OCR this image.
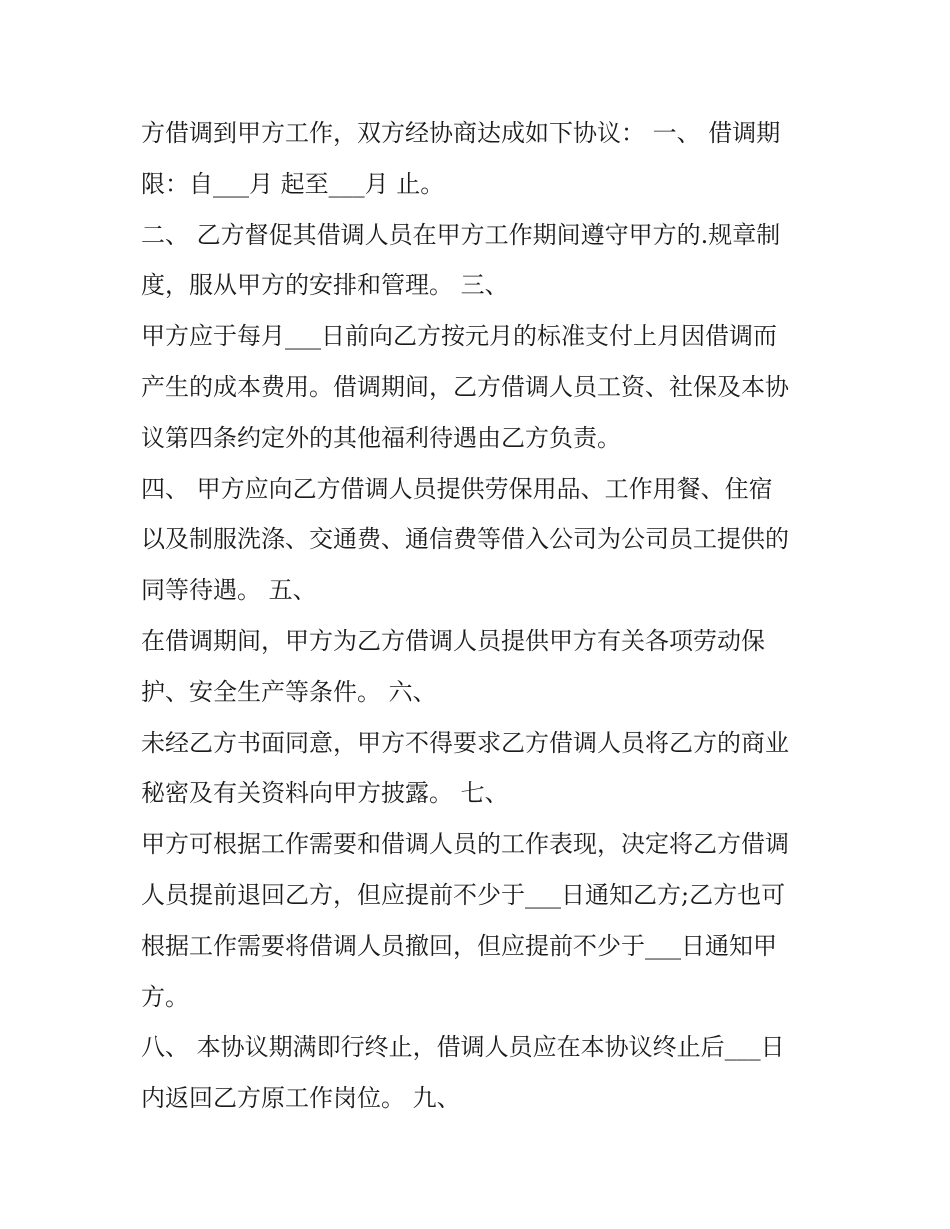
方借调到甲方工作，双方经协商达成如下协议： 一、 借调期
限：自___月 起至___月 止。
二、 乙方督促其借调人员在甲方工作期间遵守甲方的.规章制
度，服从甲方的安排和管理。 三、
甲方应于每月___日前向乙方按元月的标准支付上月因借调而
产生的成本费用。借调期间，乙方借调人员工资、社保及本协
议第四条约定外的其他福利待遇由乙方负责。
四、 甲方应向乙方借调人员提供劳保用品、工作用餐、住宿
以及制服洗涤、交通费、通信费等借入公司为公司员工提供的
同等待遇。 五、
在借调期间，甲方为乙方借调人员提供甲方有关各项劳动保
护、安全生产等条件。 六、
未经乙方书面同意，甲方不得要求乙方借调人员将乙方的商业
秘密及有关资料向甲方披露。 七、
甲方可根据工作需要和借调人员的工作表现，决定将乙方借调
人员提前退回乙方，但应提前不少于___日通知乙方;乙方也可
根据工作需要将借调人员撤回，但应提前不少于___日通知甲
方。
八、 本协议期满即行终止，借调人员应在本协议终止后___日
内返回乙方原工作岗位。 九、
